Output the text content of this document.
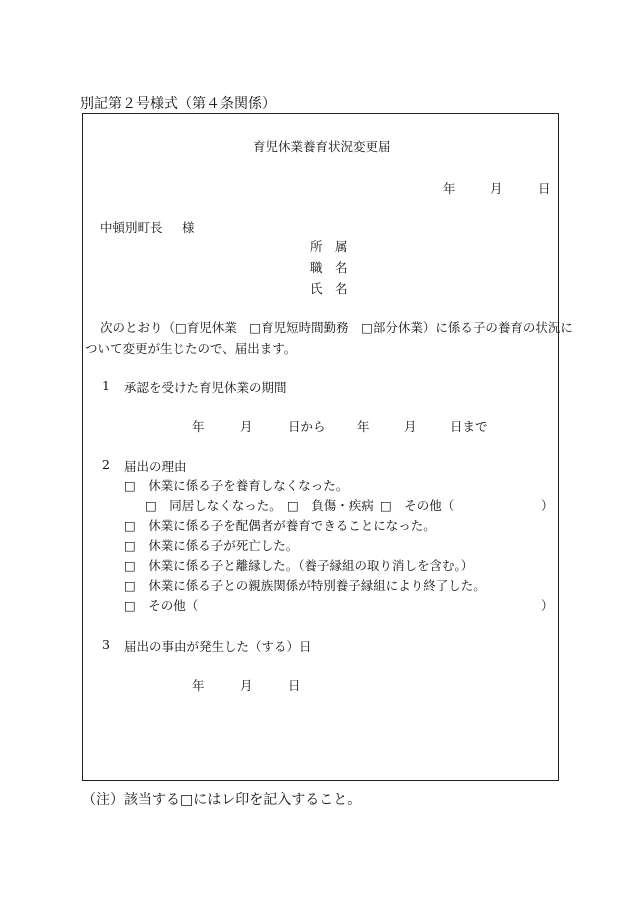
別記第２号様式（第４条関係）
育児休業養育状況変更届
年	月	日
中頓別町長 様
所　属
職　名
氏　名
次のとおり（□育児休業　□育児短時間勤務　□部分休業）に係る子の養育の状況に
ついて変更が生じたので、届出ます。
1 承認を受けた育児休業の期間
年	月	日から	年	月	日まで
2 届出の理由
□　休業に係る子を養育しなくなった。
□　同居しなくなった。 □　負傷・疾病 □　その他（	）
□　休業に係る子を配偶者が養育できることになった。
□　休業に係る子が死亡した。
□　休業に係る子と離縁した。（養子縁組の取り消しを含む。）
□　休業に係る子との親族関係が特別養子縁組により終了した。
□　その他（	）
3 届出の事由が発生した（する）日
年	月	日
（注）該当する□にはレ印を記入すること。
